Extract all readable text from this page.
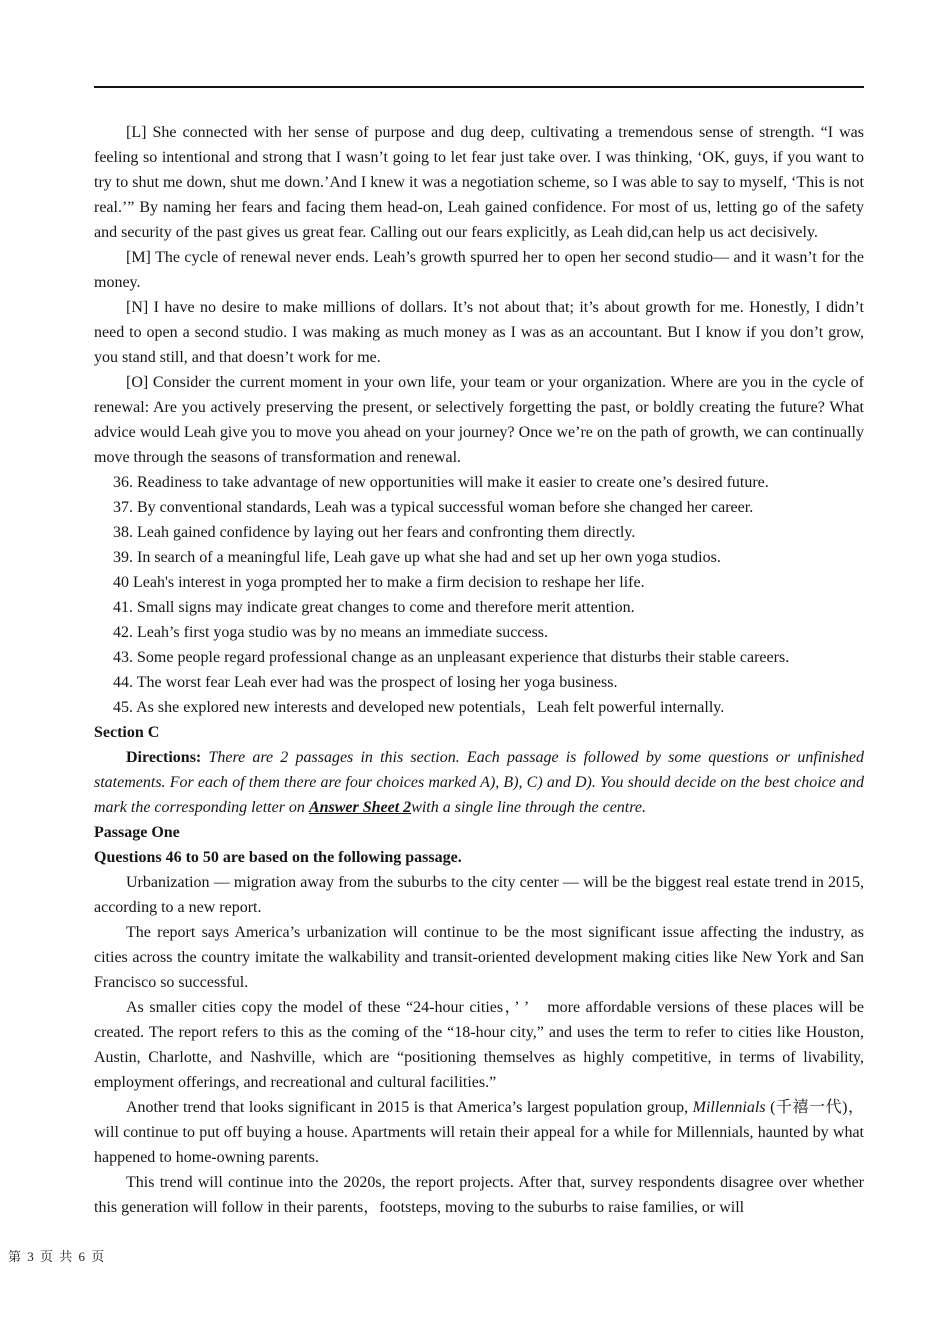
[L] She connected with her sense of purpose and dug deep, cultivating a tremendous sense of strength. “I was feeling so intentional and strong that I wasn’t going to let fear just take over. I was thinking, ‘OK, guys, if you want to try to shut me down, shut me down.’And I knew it was a negotiation scheme, so I was able to say to myself, ‘This is not real.’” By naming her fears and facing them head-on, Leah gained confidence. For most of us, letting go of the safety and security of the past gives us great fear. Calling out our fears explicitly, as Leah did,can help us act decisively.

[M] The cycle of renewal never ends. Leah’s growth spurred her to open her second studio— and it wasn’t for the money.

[N] I have no desire to make millions of dollars. It’s not about that; it’s about growth for me. Honestly, I didn’t need to open a second studio. I was making as much money as I was as an accountant. But I know if you don’t grow, you stand still, and that doesn’t work for me.

[O] Consider the current moment in your own life, your team or your organization. Where are you in the cycle of renewal: Are you actively preserving the present, or selectively forgetting the past, or boldly creating the future? What advice would Leah give you to move you ahead on your journey? Once we’re on the path of growth, we can continually move through the seasons of transformation and renewal.

36. Readiness to take advantage of new opportunities will make it easier to create one’s desired future.

37. By conventional standards, Leah was a typical successful woman before she changed her career.

38. Leah gained confidence by laying out her fears and confronting them directly.

39. In search of a meaningful life, Leah gave up what she had and set up her own yoga studios.

40 Leah's interest in yoga prompted her to make a firm decision to reshape her life.

41. Small signs may indicate great changes to come and therefore merit attention.

42. Leah’s first yoga studio was by no means an immediate success.

43. Some people regard professional change as an unpleasant experience that disturbs their stable careers.

44. The worst fear Leah ever had was the prospect of losing her yoga business.

45. As she explored new interests and developed new potentials，Leah felt powerful internally.

Section C

Directions: There are 2 passages in this section. Each passage is followed by some questions or unfinished statements. For each of them there are four choices marked A), B), C) and D). You should decide on the best choice and mark the corresponding letter on Answer Sheet 2with a single line through the centre.

Passage One

Questions 46 to 50 are based on the following passage.

Urbanization — migration away from the suburbs to the city center — will be the biggest real estate trend in 2015, according to a new report.

The report says America’s urbanization will continue to be the most significant issue affecting the industry, as cities across the country imitate the walkability and transit-oriented development making cities like New York and San Francisco so successful.

As smaller cities copy the model of these “24-hour cities，’ ’　more affordable versions of these places will be created. The report refers to this as the coming of the “18-hour city,” and uses the term to refer to cities like Houston, Austin, Charlotte, and Nashville, which are “positioning themselves as highly competitive, in terms of livability, employment offerings, and recreational and cultural facilities.”

Another trend that looks significant in 2015 is that America’s largest population group, Millennials (千禧一代)，will continue to put off buying a house. Apartments will retain their appeal for a while for Millennials, haunted by what happened to home-owning parents.

This trend will continue into the 2020s, the report projects. After that, survey respondents disagree over whether this generation will follow in their parents，footsteps, moving to the suburbs to raise families, or will

第 3 页 共 6 页
